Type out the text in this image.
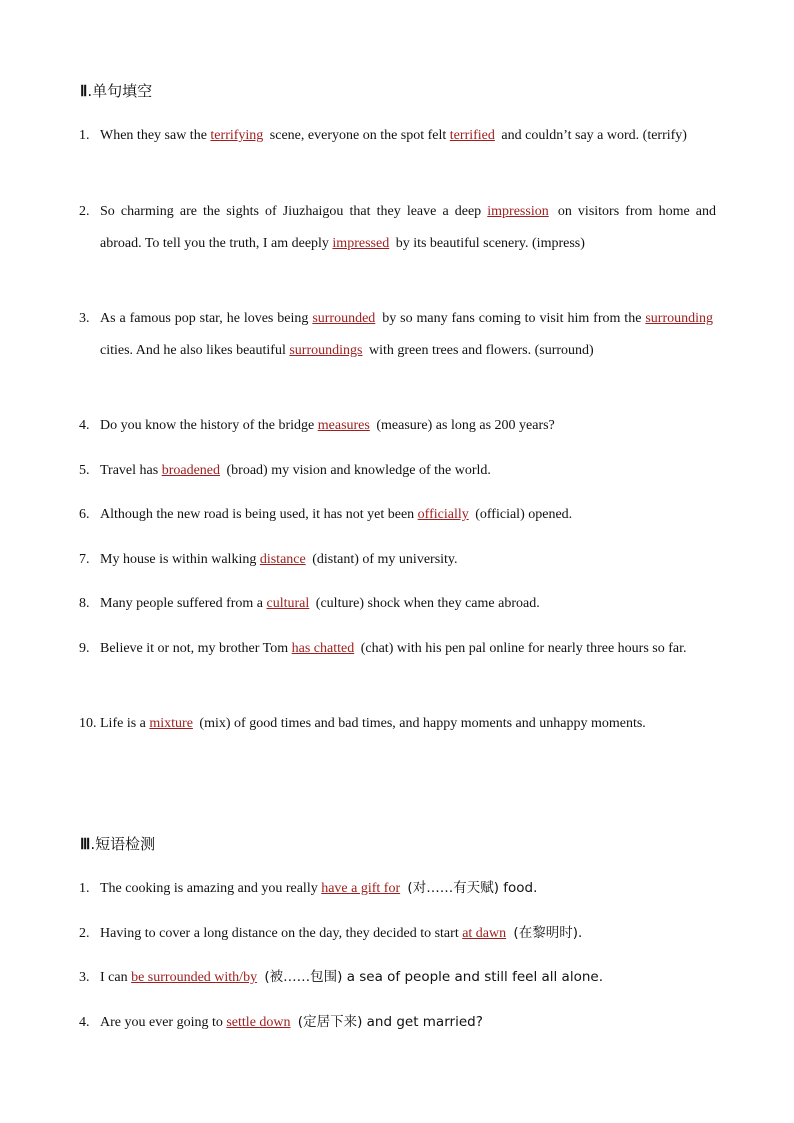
Ⅱ.单句填空
1. When they saw the terrifying scene, everyone on the spot felt terrified and couldn’t say a word. (terrify)
2. So charming are the sights of Jiuzhaigou that they leave a deep impression on visitors from home and abroad. To tell you the truth, I am deeply impressed by its beautiful scenery. (impress)
3. As a famous pop star, he loves being surrounded by so many fans coming to visit him from the surrounding cities. And he also likes beautiful surroundings with green trees and flowers. (surround)
4. Do you know the history of the bridge measures (measure) as long as 200 years?
5. Travel has broadened (broad) my vision and knowledge of the world.
6. Although the new road is being used, it has not yet been officially (official) opened.
7. My house is within walking distance (distant) of my university.
8. Many people suffered from a cultural (culture) shock when they came abroad.
9. Believe it or not, my brother Tom has chatted (chat) with his pen pal online for nearly three hours so far.
10. Life is a mixture (mix) of good times and bad times, and happy moments and unhappy moments.
Ⅲ.短语检测
1. The cooking is amazing and you really have a gift for (对……有天赋) food.
2. Having to cover a long distance on the day, they decided to start at dawn (在黎明时).
3. I can be surrounded with/by (被……包围) a sea of people and still feel all alone.
4. Are you ever going to settle down (定居下来) and get married?
